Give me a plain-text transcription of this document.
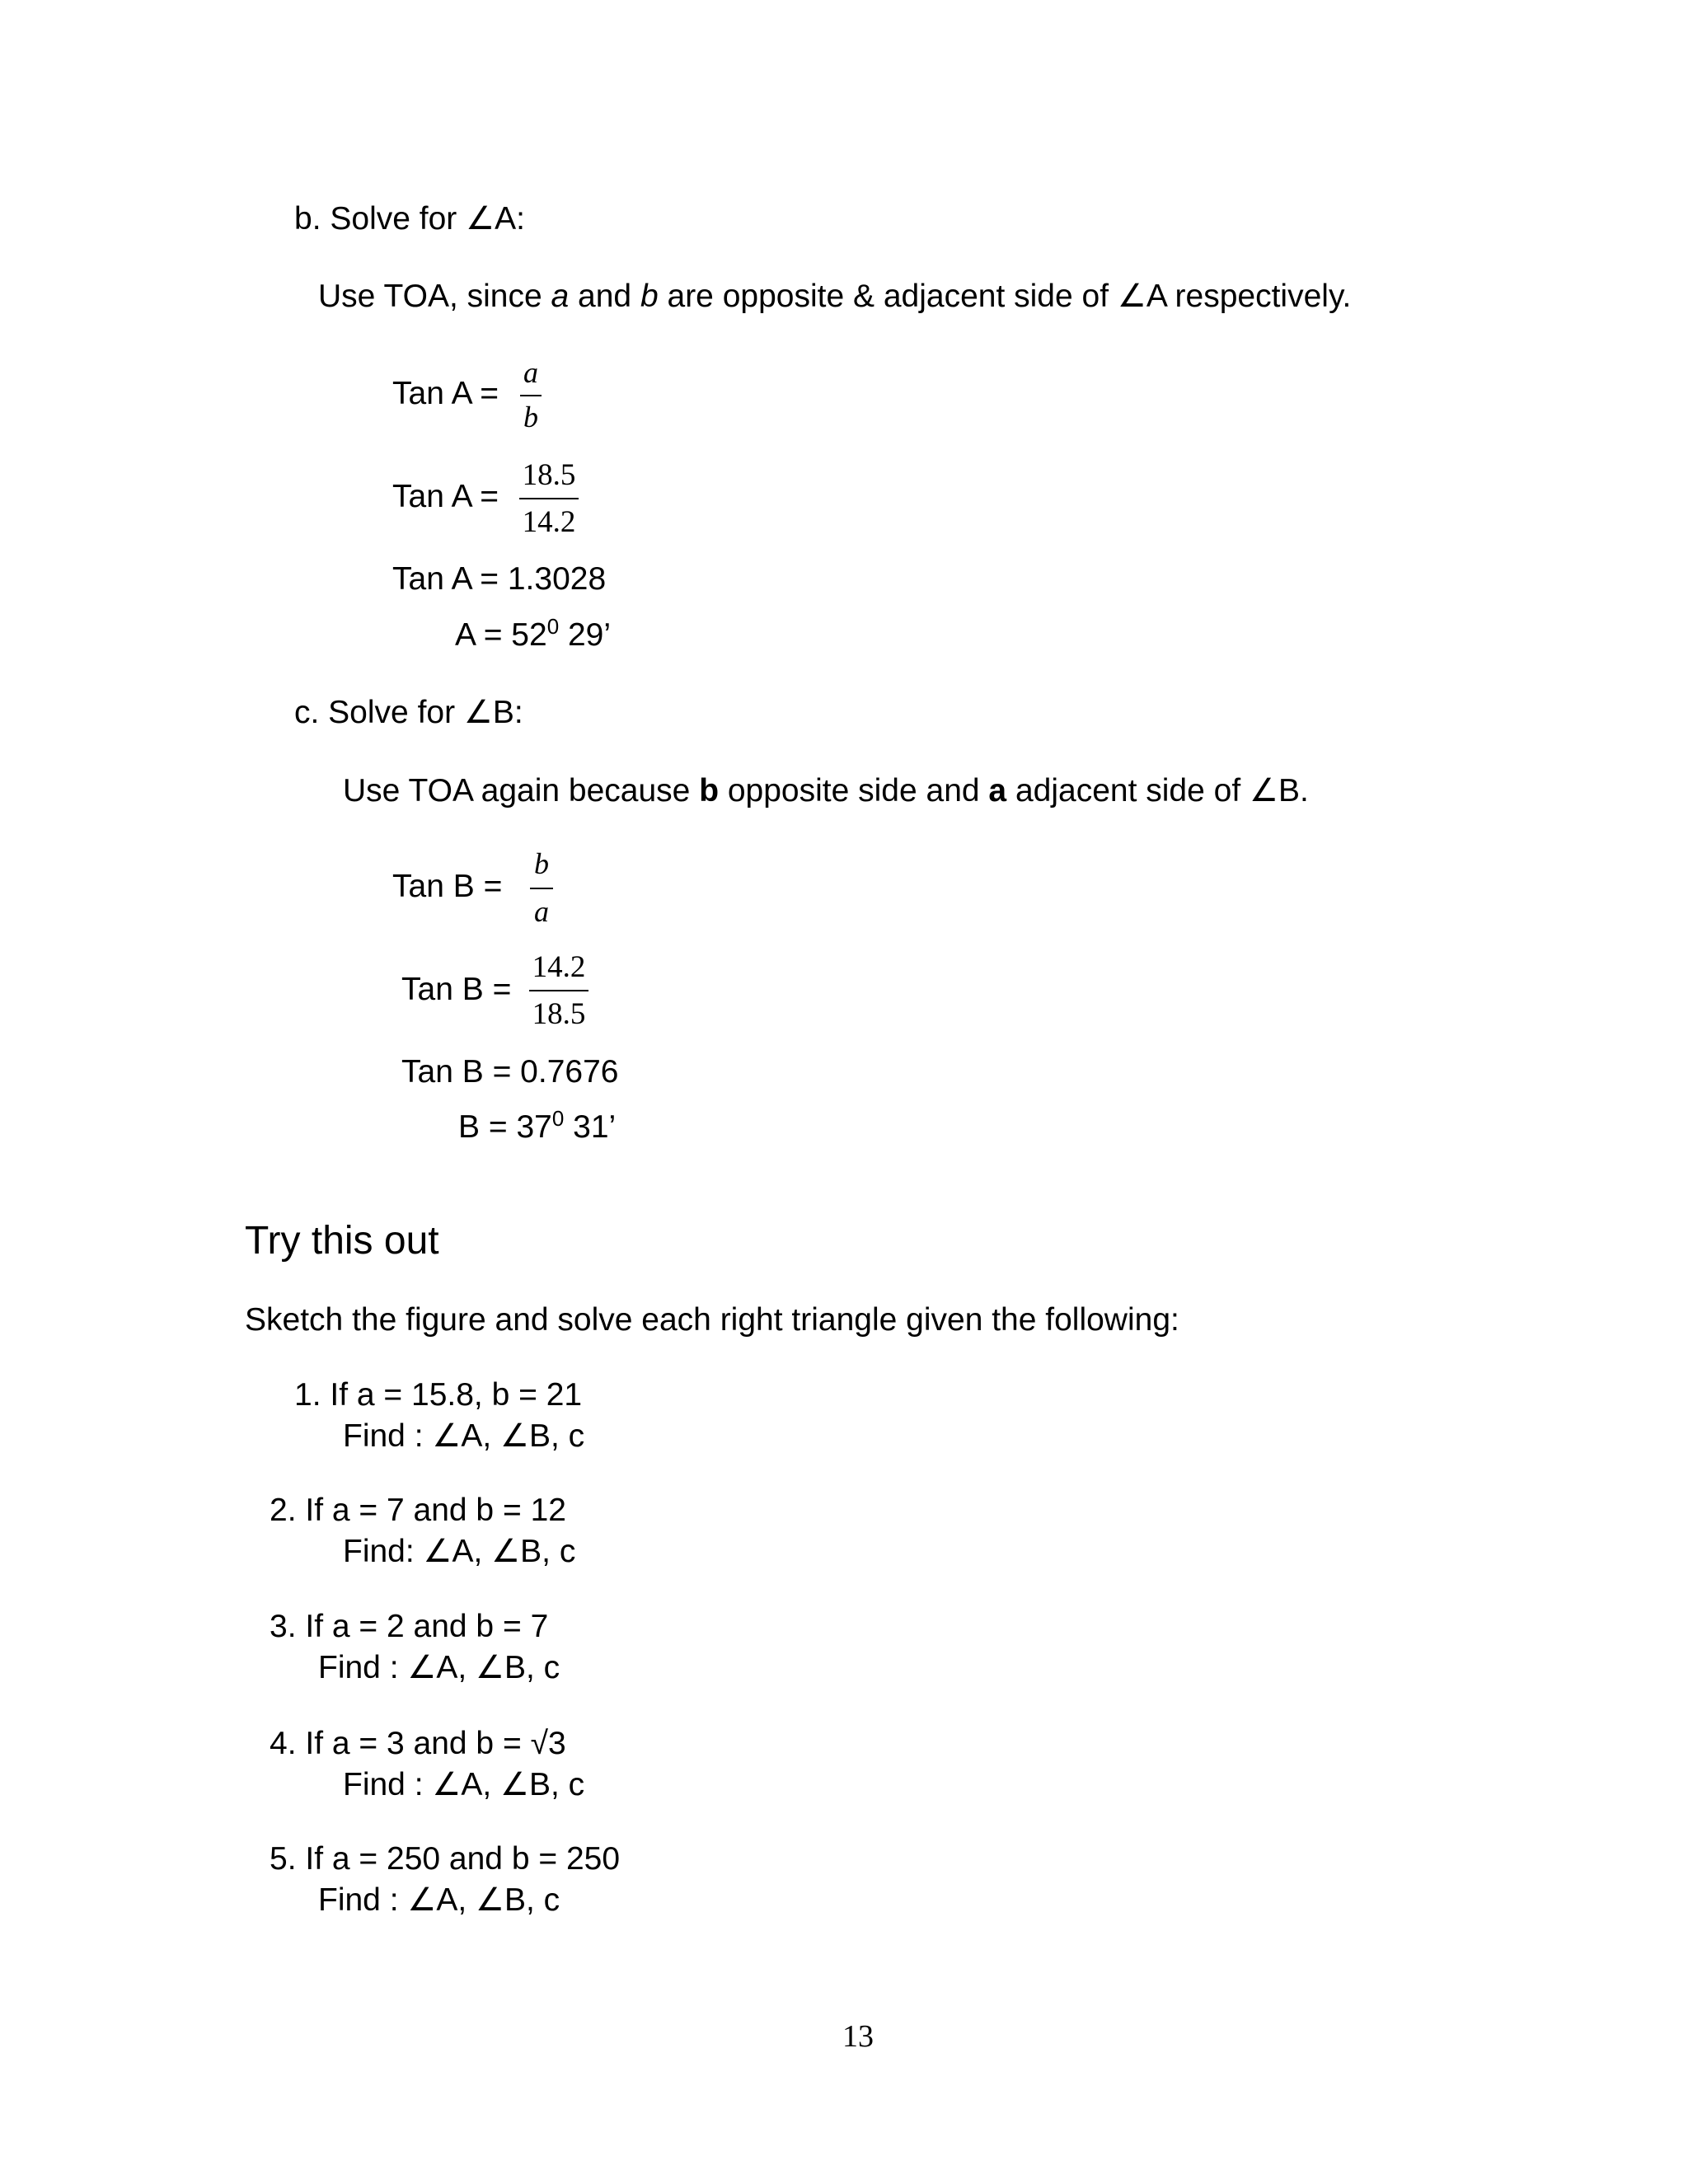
b. Solve for ∠A:
Use TOA, since a and b are opposite & adjacent side of ∠A respectively.
Tan A =
a
b
Tan A =
18.5
14.2
Tan A = 1.3028
$A = 52^0$ 29’
c. Solve for ∠B:
Use TOA again because b opposite side and a adjacent side of ∠B.
Tan B =
b
a
Tan B =
14.2
18.5
Tan B = 0.7676
$B = 37^0$ 31’
Try this out
Sketch the figure and solve each right triangle given the following:
1. If a = 15.8, b = 21
Find : ∠A, ∠B, c
2. If a = 7 and b = 12
Find: ∠A, ∠B, c
3. If a = 2 and b = 7
Find : ∠A, ∠B, c
4. If a = 3 and b = √3
Find : ∠A, ∠B, c
5. If a = 250 and b = 250
Find : ∠A, ∠B, c
13
